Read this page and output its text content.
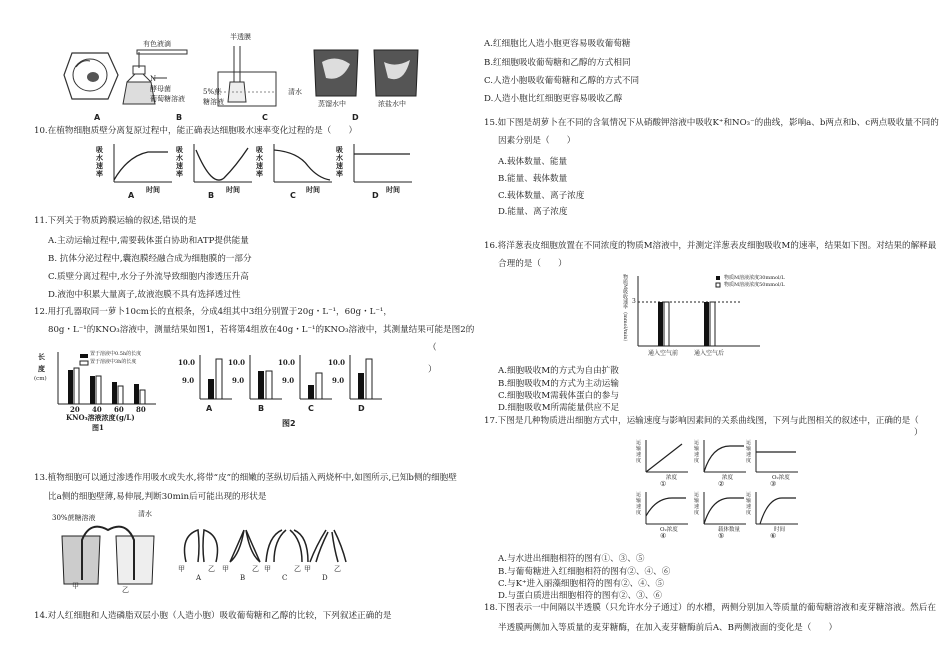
有色液滴
N
酵母菌
葡萄糖溶液
半透膜
5%蔗
糖溶液
清水
蒸馏水中	浓盐水中
A	B	C	D
10.在植物细胞质壁分离复原过程中，能正确表达细胞吸水速率变化过程的是（　　）
吸水速率
吸水速率
吸水速率
吸水速率
时间	时间	时间	时间
A	B	C	D
11.下列关于物质跨膜运输的叙述,错误的是
A.主动运输过程中,需要载体蛋白协助和ATP提供能量
B. 抗体分泌过程中,囊泡膜经融合成为细胞膜的一部分
C.质壁分离过程中,水分子外流导致细胞内渗透压升高
D.液泡中积累大量离子,故液泡膜不具有选择透过性
12.用打孔器取同一萝卜10cm长的直根条，分成4组其中3组分别置于20g・L⁻¹，60g・L⁻¹，
80g・L⁻¹的KNO₃溶液中，测量结果如图1，若将第4组放在40g・L⁻¹的KNO₃溶液中，其测量结果可能是图2的
（
）
置于溶液中0.5h的长度
置于溶液中3h的长度
长
度
(cm)
20 40 60 80
KNO₃溶液浓度(g/L)
图1
10.0
9.0
10.0
9.0
10.0
9.0
10.0
9.0
A	B	C	D
图2
13.植物细胞可以通过渗透作用吸水或失水,将带“皮”的细嫩的茎纵切后插入两烧杯中,如图所示,已知b侧的细胞壁
比a侧的细胞壁薄,易伸展,判断30min后可能出现的形状是
30%蔗糖溶液	清水
甲	乙
甲	乙 甲	乙 甲	乙 甲	乙
A	B	C	D
14.对人红细胞和人造磷脂双层小胞（人造小胞）吸收葡萄糖和乙醇的比较，下列叙述正确的是
A.红细胞比人造小胞更容易吸收葡萄糖
B.红细胞吸收葡萄糖和乙醇的方式相同
C.人造小胞吸收葡萄糖和乙醇的方式不同
D.人造小胞比红细胞更容易吸收乙醇
15.如下图是胡萝卜在不同的含氧情况下从硝酸钾溶液中吸收K⁺和NO₃⁻的曲线，影响a、b两点和b、c两点吸收量不同的
因素分别是（　　）
A.载体数量、能量
B.能量、载体数量
C.载体数量、离子浓度
D.能量、离子浓度
16.将洋葱表皮细胞放置在不同浓度的物质M溶液中，并测定洋葱表皮细胞吸收M的速率，结果如下图。对结果的解释最
合理的是（　　）
物质M吸收速率（mmol/min）	物质M溶液浓度30mmol/L
物质M溶液浓度50mmol/L
3
通入空气前	通入空气后
A.细胞吸收M的方式为自由扩散
B.细胞吸收M的方式为主动运输
C.细胞吸收M需载体蛋白的参与
D.细胞吸收M所需能量供应不足
17.下图是几种物质进出细胞方式中，运输速度与影响因素间的关系曲线图，下列与此图相关的叙述中，正确的是（
）
运输速度
运输速度
运输速度
运输速度
运输速度
运输速度
浓度	浓度	O₂浓度
O₂浓度	载体数量	时间
①	②	③
④	⑤	⑥
A.与水进出细胞相符的图有①、③、⑤
B.与葡萄糖进入红细胞相符的图有②、④、⑥
C.与K⁺进入丽藻细胞相符的图有②、④、⑤
D.与蛋白质进出细胞相符的图有②、③、⑥
18.下图表示一中间隔以半透膜（只允许水分子通过）的水槽，两侧分别加入等质量的葡萄糖溶液和麦芽糖溶液。然后在
半透膜两侧加入等质量的麦芽糖酶，在加入麦芽糖酶前后A、B两侧液面的变化是（　　）
